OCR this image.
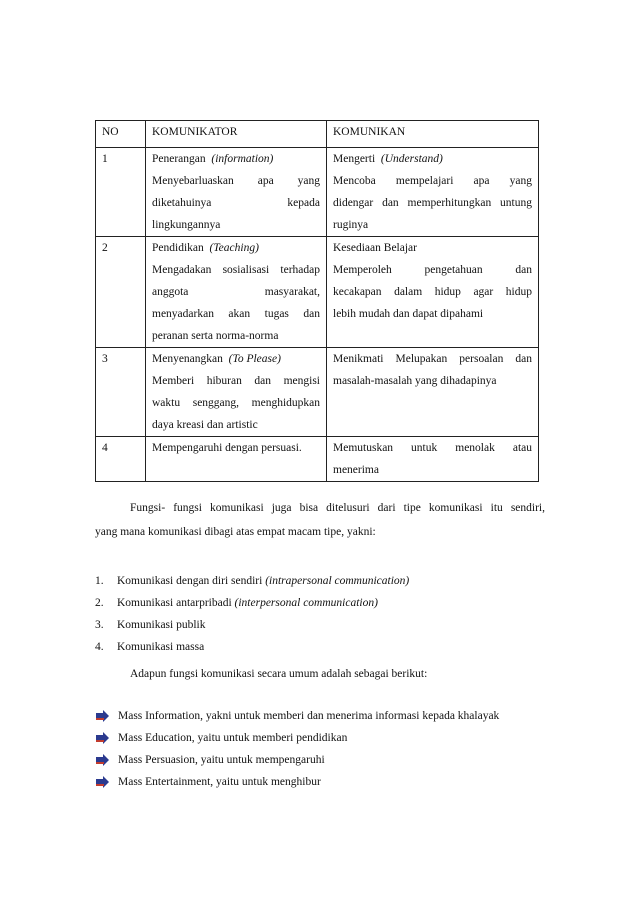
NO	KOMUNIKATOR	KOMUNIKAN
1	Penerangan (information)
Menyebarluaskan apa yang
diketahuinya kepada
lingkungannya	Mengerti (Understand)
Mencoba mempelajari apa yang
didengar dan memperhitungkan untung
ruginya

2	Pendidikan (Teaching)
Mengadakan sosialisasi terhadap
anggota masyarakat,
menyadarkan akan tugas dan
peranan serta norma-norma	Kesediaan Belajar
Memperoleh pengetahuan dan
kecakapan dalam hidup agar hidup
lebih mudah dan dapat dipahami

3	Menyenangkan (To Please)
Memberi hiburan dan mengisi
waktu senggang, menghidupkan
daya kreasi dan artistic	Menikmati Melupakan persoalan dan
masalah-masalah yang dihadapinya

4	Mempengaruhi dengan persuasi.	Memutuskan untuk menolak atau
menerima
Fungsi- fungsi komunikasi juga bisa ditelusuri dari tipe komunikasi itu sendiri,
yang mana komunikasi dibagi atas empat macam tipe, yakni:
1. Komunikasi dengan diri sendiri (intrapersonal communication)
2. Komunikasi antarpribadi (interpersonal communication)
3. Komunikasi publik
4. Komunikasi massa
Adapun fungsi komunikasi secara umum adalah sebagai berikut:
Mass Information, yakni untuk memberi dan menerima informasi kepada khalayak
Mass Education, yaitu untuk memberi pendidikan
Mass Persuasion, yaitu untuk mempengaruhi
Mass Entertainment, yaitu untuk menghibur
